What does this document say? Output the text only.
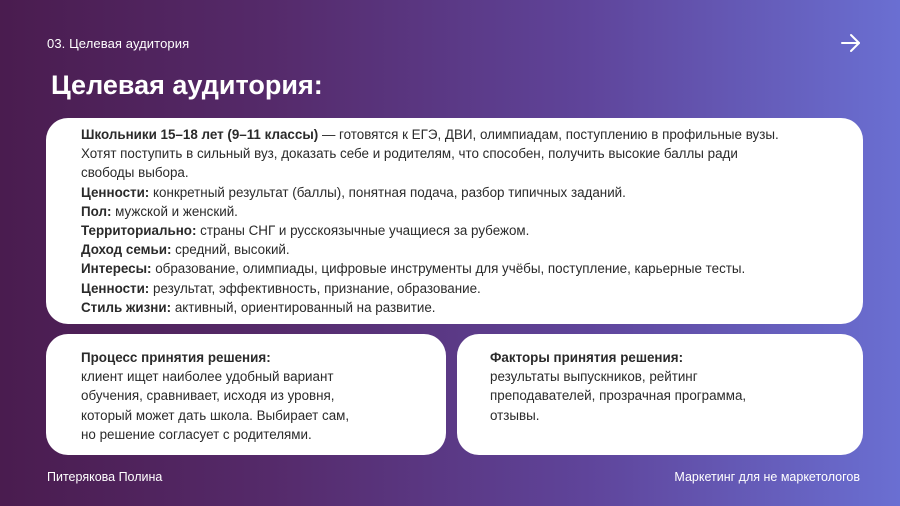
03. Целевая аудитория
Целевая аудитория:
Школьники 15–18 лет (9–11 классы) — готовятся к ЕГЭ, ДВИ, олимпиадам, поступлению в профильные вузы.
Хотят поступить в сильный вуз, доказать себе и родителям, что способен, получить высокие баллы ради
свободы выбора.
Ценности: конкретный результат (баллы), понятная подача, разбор типичных заданий.
Пол: мужской и женский.
Территориально: страны СНГ и русскоязычные учащиеся за рубежом.
Доход семьи: средний, высокий.
Интересы: образование, олимпиады, цифровые инструменты для учёбы, поступление, карьерные тесты.
Ценности: результат, эффективность, признание, образование.
Стиль жизни: активный, ориентированный на развитие.
Процесс принятия решения:
клиент ищет наиболее удобный вариант
обучения, сравнивает, исходя из уровня,
который может дать школа. Выбирает сам,
но решение согласует с родителями.
Факторы принятия решения:
результаты выпускников, рейтинг
преподавателей, прозрачная программа,
отзывы.
Питерякова Полина	Маркетинг для не маркетологов
